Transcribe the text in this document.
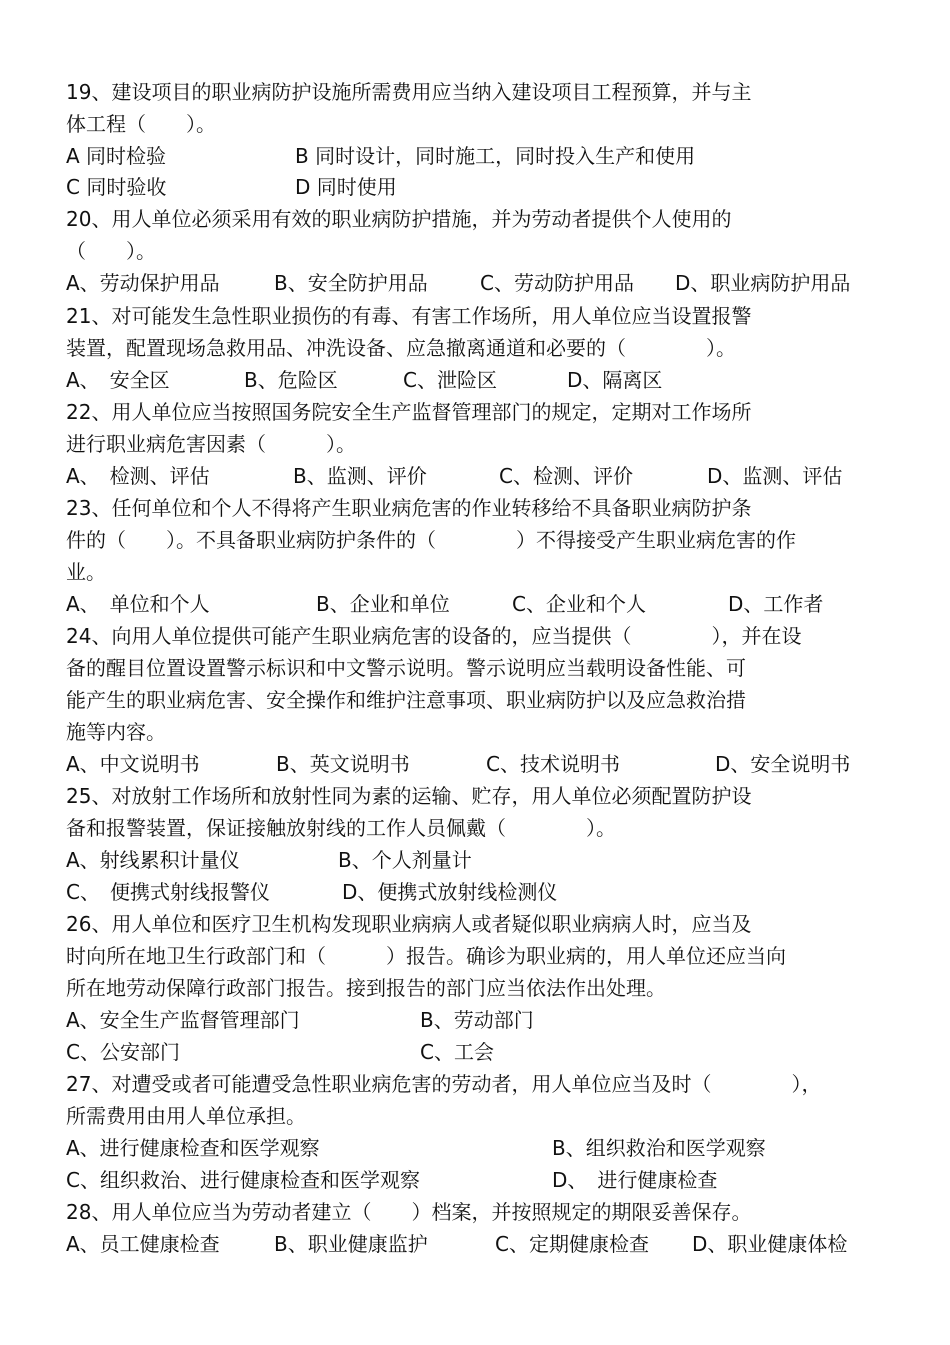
19、建设项目的职业病防护设施所需费用应当纳入建设项目工程预算，并与主
体工程（　　）。
A 同时检验	B 同时设计，同时施工，同时投入生产和使用
C 同时验收	D 同时使用
20、用人单位必须采用有效的职业病防护措施，并为劳动者提供个人使用的
（　　）。
A、劳动保护用品	B、安全防护用品	C、劳动防护用品 D、职业病防护用品
21、对可能发生急性职业损伤的有毒、有害工作场所，用人单位应当设置报警
装置，配置现场急救用品、冲洗设备、应急撤离通道和必要的（　　　　）。
A、　安全区	B、危险区	C、泄险区	D、隔离区
22、用人单位应当按照国务院安全生产监督管理部门的规定，定期对工作场所
进行职业病危害因素（　　　）。
A、　检测、评估	B、监测、评价	C、检测、评价	D、监测、评估
23、任何单位和个人不得将产生职业病危害的作业转移给不具备职业病防护条
件的（　　）。不具备职业病防护条件的（　　　　）不得接受产生职业病危害的作
业。
A、　单位和个人	B、企业和单位	C、企业和个人	D、工作者
24、向用人单位提供可能产生职业病危害的设备的，应当提供（　　　　），并在设
备的醒目位置设置警示标识和中文警示说明。警示说明应当载明设备性能、可
能产生的职业病危害、安全操作和维护注意事项、职业病防护以及应急救治措
施等内容。
A、中文说明书	B、英文说明书	C、技术说明书	D、安全说明书
25、对放射工作场所和放射性同为素的运输、贮存，用人单位必须配置防护设
备和报警装置，保证接触放射线的工作人员佩戴（　　　　）。
A、射线累积计量仪	B、个人剂量计
C、　便携式射线报警仪	D、便携式放射线检测仪
26、用人单位和医疗卫生机构发现职业病病人或者疑似职业病病人时，应当及
时向所在地卫生行政部门和（　　　）报告。确诊为职业病的，用人单位还应当向
所在地劳动保障行政部门报告。接到报告的部门应当依法作出处理。
A、安全生产监督管理部门	B、劳动部门
C、公安部门	C、工会
27、对遭受或者可能遭受急性职业病危害的劳动者，用人单位应当及时（　　　　），
所需费用由用人单位承担。
A、进行健康检查和医学观察	B、组织救治和医学观察
C、组织救治、进行健康检查和医学观察	D、　进行健康检查
28、用人单位应当为劳动者建立（　　）档案，并按照规定的期限妥善保存。
A、员工健康检查	B、职业健康监护	C、定期健康检查 D、职业健康体检
